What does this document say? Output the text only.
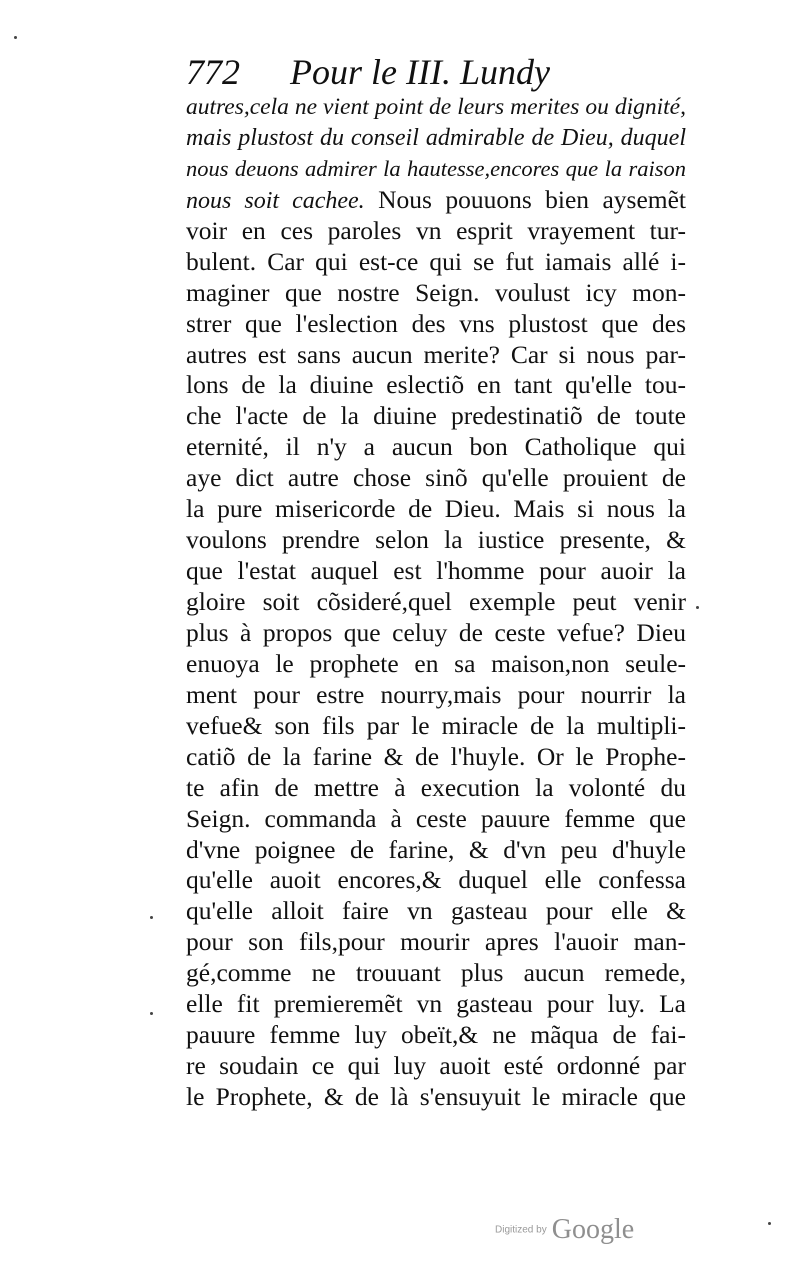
772 Pour le III. Lundy
autres,cela ne vient point de leurs merites ou dignité,
mais plustost du conseil admirable de Dieu, duquel
nous deuons admirer la hautesse,encores que la raison
nous soit cachee. Nous pouuons bien aysemẽt
voir en ces paroles vn esprit vrayement tur-
bulent. Car qui est-ce qui se fut iamais allé i-
maginer que nostre Seign. voulust icy mon-
strer que l'eslection des vns plustost que des
autres est sans aucun merite? Car si nous par-
lons de la diuine eslectiõ en tant qu'elle tou-
che l'acte de la diuine predestinatiõ de toute
eternité, il n'y a aucun bon Catholique qui
aye dict autre chose sinõ qu'elle prouient de
la pure misericorde de Dieu. Mais si nous la
voulons prendre selon la iustice presente, &
que l'estat auquel est l'homme pour auoir la
gloire soit cõsideré,quel exemple peut venir
plus à propos que celuy de ceste vefue? Dieu
enuoya le prophete en sa maison,non seule-
ment pour estre nourry,mais pour nourrir la
vefue& son fils par le miracle de la multipli-
catiõ de la farine & de l'huyle. Or le Prophe-
te afin de mettre à execution la volonté du
Seign. commanda à ceste pauure femme que
d'vne poignee de farine, & d'vn peu d'huyle
qu'elle auoit encores,& duquel elle confessa
qu'elle alloit faire vn gasteau pour elle &
pour son fils,pour mourir apres l'auoir man-
gé,comme ne trouuant plus aucun remede,
elle fit premieremẽt vn gasteau pour luy. La
pauure femme luy obeït,& ne mãqua de fai-
re soudain ce qui luy auoit esté ordonné par
le Prophete, & de là s'ensuyuit le miracle que
Digitized by Google
